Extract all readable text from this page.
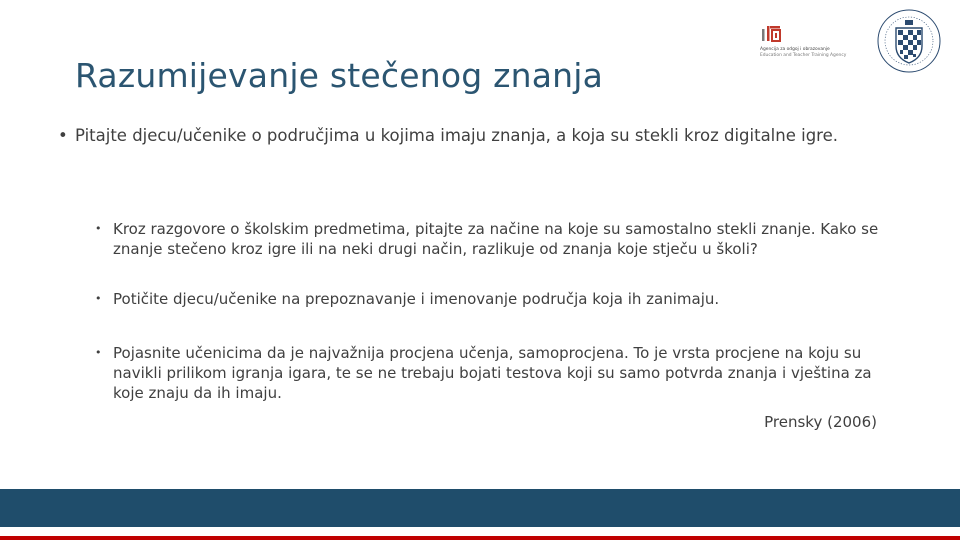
Razumijevanje stečenog znanja
Agencija za odgoj i obrazovanje
Education and Teacher Training Agency
• Pitajte djecu/učenike o područjima u kojima imaju znanja, a koja su stekli kroz digitalne igre.
• Kroz razgovore o školskim predmetima, pitajte za načine na koje su samostalno stekli znanje. Kako se znanje stečeno kroz igre ili na neki drugi način, razlikuje od znanja koje stječu u školi?
• Potičite djecu/učenike na prepoznavanje i imenovanje područja koja ih zanimaju.
• Pojasnite učenicima da je najvažnija procjena učenja, samoprocjena. To je vrsta procjene na koju su navikli prilikom igranja igara, te se ne trebaju bojati testova koji su samo potvrda znanja i vještina za koje znaju da ih imaju.
Prensky (2006)
